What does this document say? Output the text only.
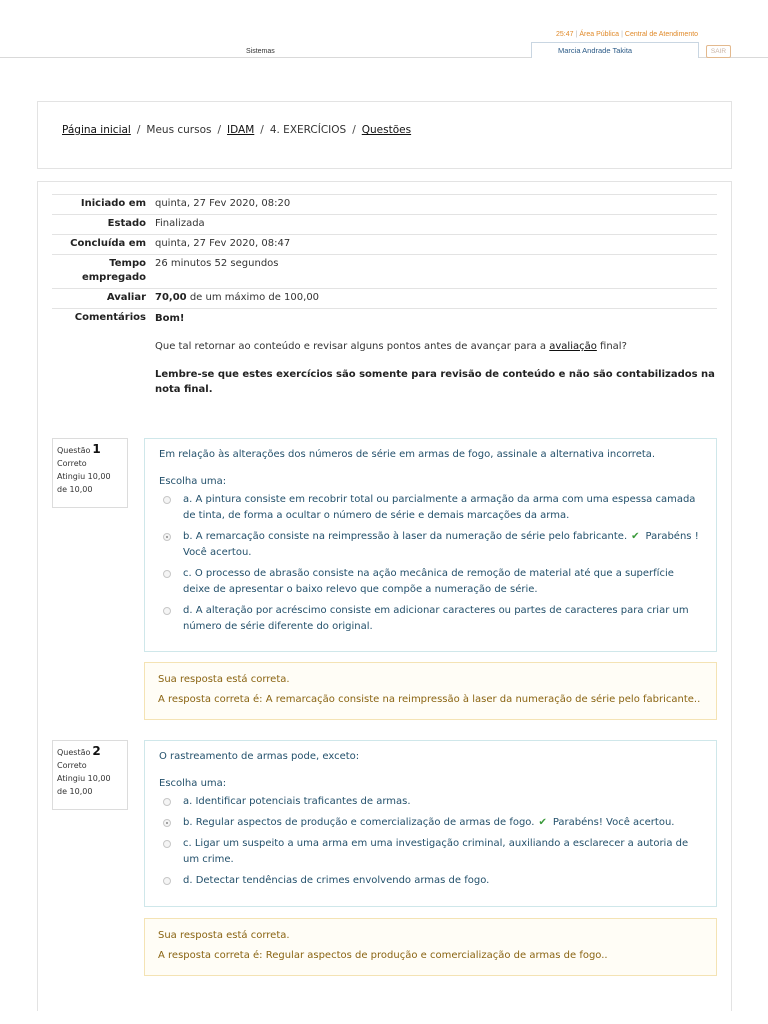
25:47 | Área Pública | Central de Atendimento
Sistemas	Marcia Andrade Takita	SAIR
Página inicial / Meus cursos / IDAM / 4. EXERCÍCIOS / Questões
Iniciado em quinta, 27 Fev 2020, 08:20
Estado Finalizada
Concluída em quinta, 27 Fev 2020, 08:47
Tempo empregado
26 minutos 52 segundos
Avaliar 70,00 de um máximo de 100,00
Comentários Bom!

Que tal retornar ao conteúdo e revisar alguns pontos antes de avançar para a avaliação final?

Lembre-se que estes exercícios são somente para revisão de conteúdo e não são contabilizados na nota final.

Questão 1
Correto
Atingiu 10,00 de 10,00
Em relação às alterações dos números de série em armas de fogo, assinale a alternativa incorreta.
Escolha uma:
a. A pintura consiste em recobrir total ou parcialmente a armação da arma com uma espessa camada de tinta, de forma a ocultar o número de série e demais marcações da arma.
b. A remarcação consiste na reimpressão à laser da numeração de série pelo fabricante. ✔ Parabéns ! Você acertou.
c. O processo de abrasão consiste na ação mecânica de remoção de material até que a superfície deixe de apresentar o baixo relevo que compõe a numeração de série.
d. A alteração por acréscimo consiste em adicionar caracteres ou partes de caracteres para criar um número de série diferente do original.

Sua resposta está correta.

A resposta correta é: A remarcação consiste na reimpressão à laser da numeração de série pelo fabricante..

Questão 2
Correto
Atingiu 10,00 de 10,00
O rastreamento de armas pode, exceto:
Escolha uma:
a. Identificar potenciais traficantes de armas.
b. Regular aspectos de produção e comercialização de armas de fogo. ✔ Parabéns! Você acertou.
c. Ligar um suspeito a uma arma em uma investigação criminal, auxiliando a esclarecer a autoria de um crime.
d. Detectar tendências de crimes envolvendo armas de fogo.

Sua resposta está correta.

A resposta correta é: Regular aspectos de produção e comercialização de armas de fogo..
